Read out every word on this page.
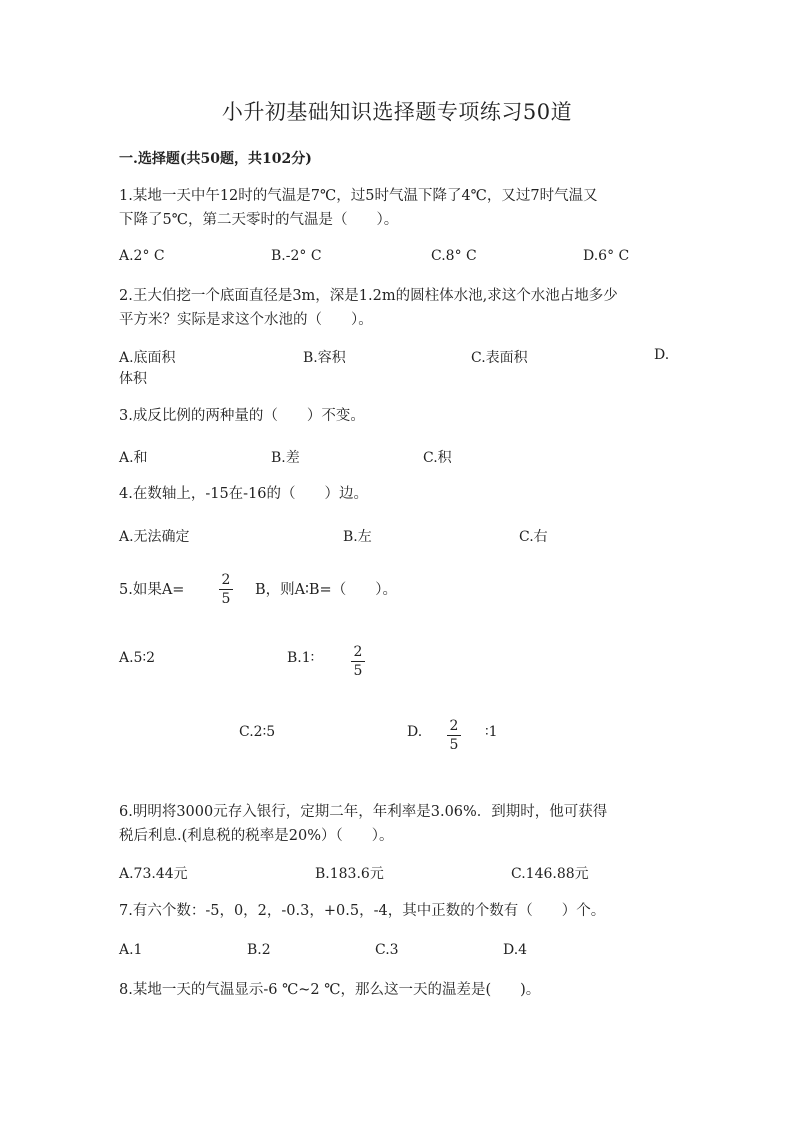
小升初基础知识选择题专项练习50道
一.选择题(共50题，共102分)
1.某地一天中午12时的气温是7℃，过5时气温下降了4℃，又过7时气温又
下降了5℃，第二天零时的气温是（　　）。
A.2° C	B.-2° C	C.8° C	D.6° C
2.王大伯挖一个底面直径是3m，深是1.2m的圆柱体水池,求这个水池占地多少
平方米？实际是求这个水池的（　　）。
A.底面积	B.容积	C.表面积	D.
体积
3.成反比例的两种量的（　　）不变。
A.和	B.差	C.积
4.在数轴上，-15在-16的（　　）边。
A.无法确定	B.左	C.右
5.如果A=
2
5
B，则A∶B=（　　）。
A.5∶2	B.1∶	2
5
C.2∶5	D. 2
5
∶1
6.明明将3000元存入银行，定期二年，年利率是3.06%．到期时，他可获得
税后利息.(利息税的税率是20%）（　　）。
A.73.44元	B.183.6元	C.146.88元
7.有六个数：-5，0，2，-0.3，+0.5，-4，其中正数的个数有（　　）个。
A.1	B.2	C.3	D.4
8.某地一天的气温显示-6 ℃~2 ℃，那么这一天的温差是(　　)。
